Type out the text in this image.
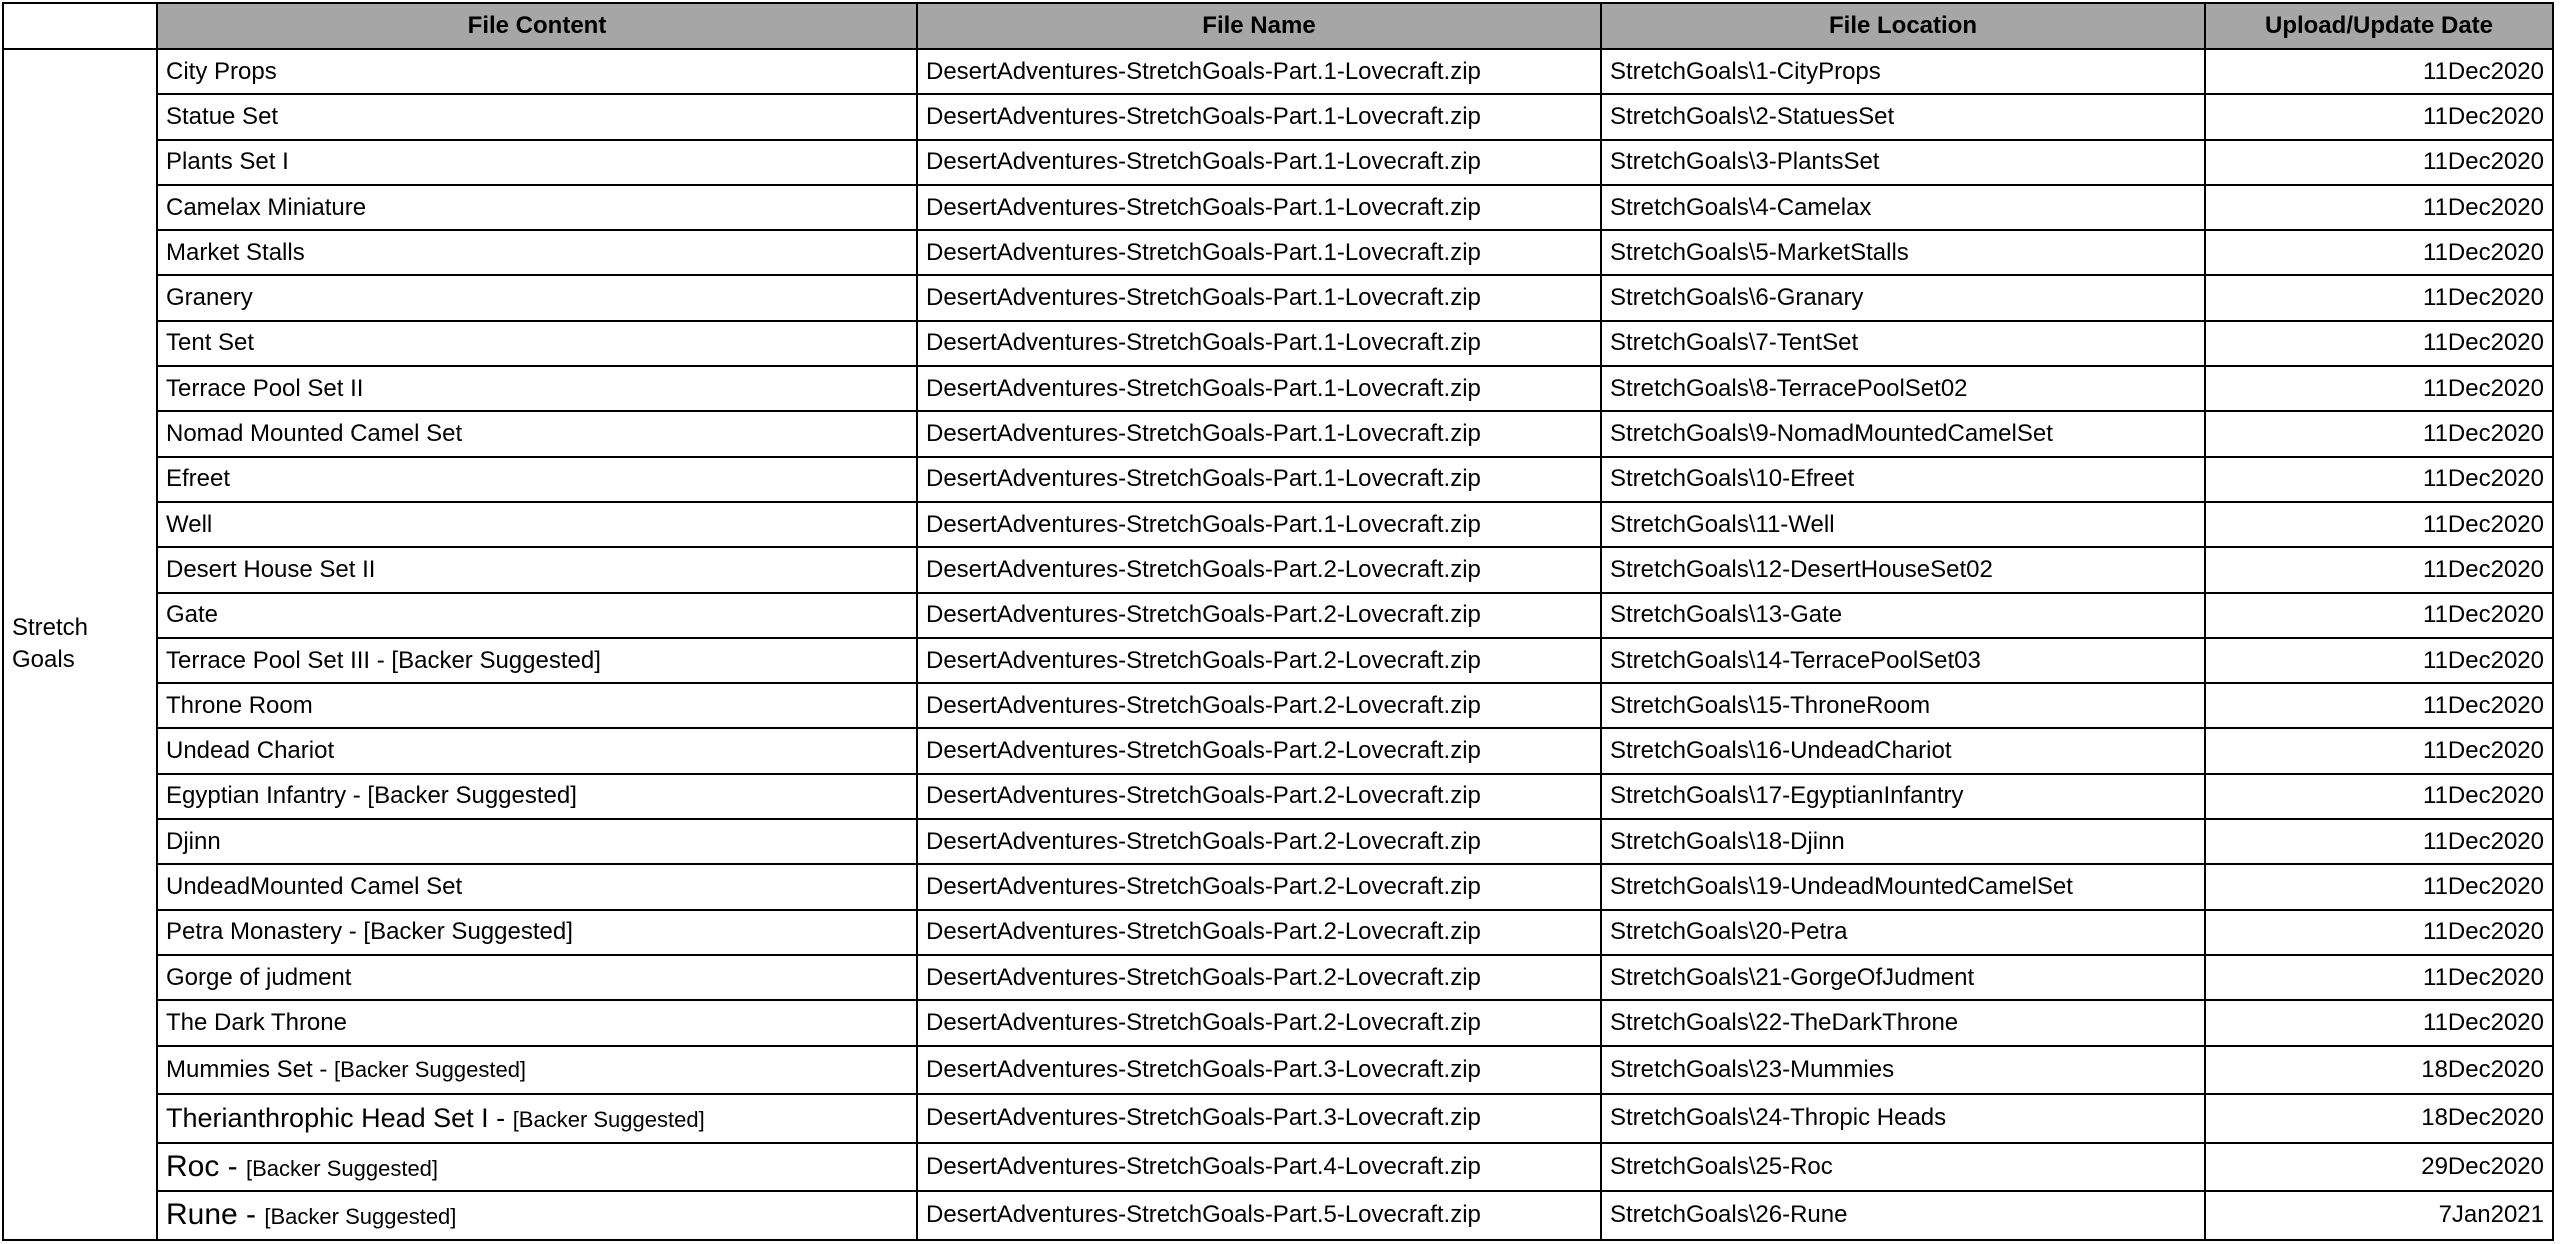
	File Content	File Name	File Location	Upload/Update Date
Stretch Goals	City Props	DesertAdventures-StretchGoals-Part.1-Lovecraft.zip	StretchGoals\1-CityProps	11Dec2020
	Statue Set	DesertAdventures-StretchGoals-Part.1-Lovecraft.zip	StretchGoals\2-StatuesSet	11Dec2020
	Plants Set I	DesertAdventures-StretchGoals-Part.1-Lovecraft.zip	StretchGoals\3-PlantsSet	11Dec2020
	Camelax Miniature	DesertAdventures-StretchGoals-Part.1-Lovecraft.zip	StretchGoals\4-Camelax	11Dec2020
	Market Stalls	DesertAdventures-StretchGoals-Part.1-Lovecraft.zip	StretchGoals\5-MarketStalls	11Dec2020
	Granery	DesertAdventures-StretchGoals-Part.1-Lovecraft.zip	StretchGoals\6-Granary	11Dec2020
	Tent Set	DesertAdventures-StretchGoals-Part.1-Lovecraft.zip	StretchGoals\7-TentSet	11Dec2020
	Terrace Pool Set II	DesertAdventures-StretchGoals-Part.1-Lovecraft.zip	StretchGoals\8-TerracePoolSet02	11Dec2020
	Nomad Mounted Camel Set	DesertAdventures-StretchGoals-Part.1-Lovecraft.zip	StretchGoals\9-NomadMountedCamelSet	11Dec2020
	Efreet	DesertAdventures-StretchGoals-Part.1-Lovecraft.zip	StretchGoals\10-Efreet	11Dec2020
	Well	DesertAdventures-StretchGoals-Part.1-Lovecraft.zip	StretchGoals\11-Well	11Dec2020
	Desert House Set II	DesertAdventures-StretchGoals-Part.2-Lovecraft.zip	StretchGoals\12-DesertHouseSet02	11Dec2020
	Gate	DesertAdventures-StretchGoals-Part.2-Lovecraft.zip	StretchGoals\13-Gate	11Dec2020
	Terrace Pool Set III - [Backer Suggested]	DesertAdventures-StretchGoals-Part.2-Lovecraft.zip	StretchGoals\14-TerracePoolSet03	11Dec2020
	Throne Room	DesertAdventures-StretchGoals-Part.2-Lovecraft.zip	StretchGoals\15-ThroneRoom	11Dec2020
	Undead Chariot	DesertAdventures-StretchGoals-Part.2-Lovecraft.zip	StretchGoals\16-UndeadChariot	11Dec2020
	Egyptian Infantry - [Backer Suggested]	DesertAdventures-StretchGoals-Part.2-Lovecraft.zip	StretchGoals\17-EgyptianInfantry	11Dec2020
	Djinn	DesertAdventures-StretchGoals-Part.2-Lovecraft.zip	StretchGoals\18-Djinn	11Dec2020
	UndeadMounted Camel Set	DesertAdventures-StretchGoals-Part.2-Lovecraft.zip	StretchGoals\19-UndeadMountedCamelSet	11Dec2020
	Petra Monastery - [Backer Suggested]	DesertAdventures-StretchGoals-Part.2-Lovecraft.zip	StretchGoals\20-Petra	11Dec2020
	Gorge of judment	DesertAdventures-StretchGoals-Part.2-Lovecraft.zip	StretchGoals\21-GorgeOfJudment	11Dec2020
	The Dark Throne	DesertAdventures-StretchGoals-Part.2-Lovecraft.zip	StretchGoals\22-TheDarkThrone	11Dec2020
	Mummies Set - [Backer Suggested]	DesertAdventures-StretchGoals-Part.3-Lovecraft.zip	StretchGoals\23-Mummies	18Dec2020
	Therianthrophic Head Set I - [Backer Suggested]	DesertAdventures-StretchGoals-Part.3-Lovecraft.zip	StretchGoals\24-Thropic Heads	18Dec2020
	Roc - [Backer Suggested]	DesertAdventures-StretchGoals-Part.4-Lovecraft.zip	StretchGoals\25-Roc	29Dec2020
	Rune - [Backer Suggested]	DesertAdventures-StretchGoals-Part.5-Lovecraft.zip	StretchGoals\26-Rune	7Jan2021
